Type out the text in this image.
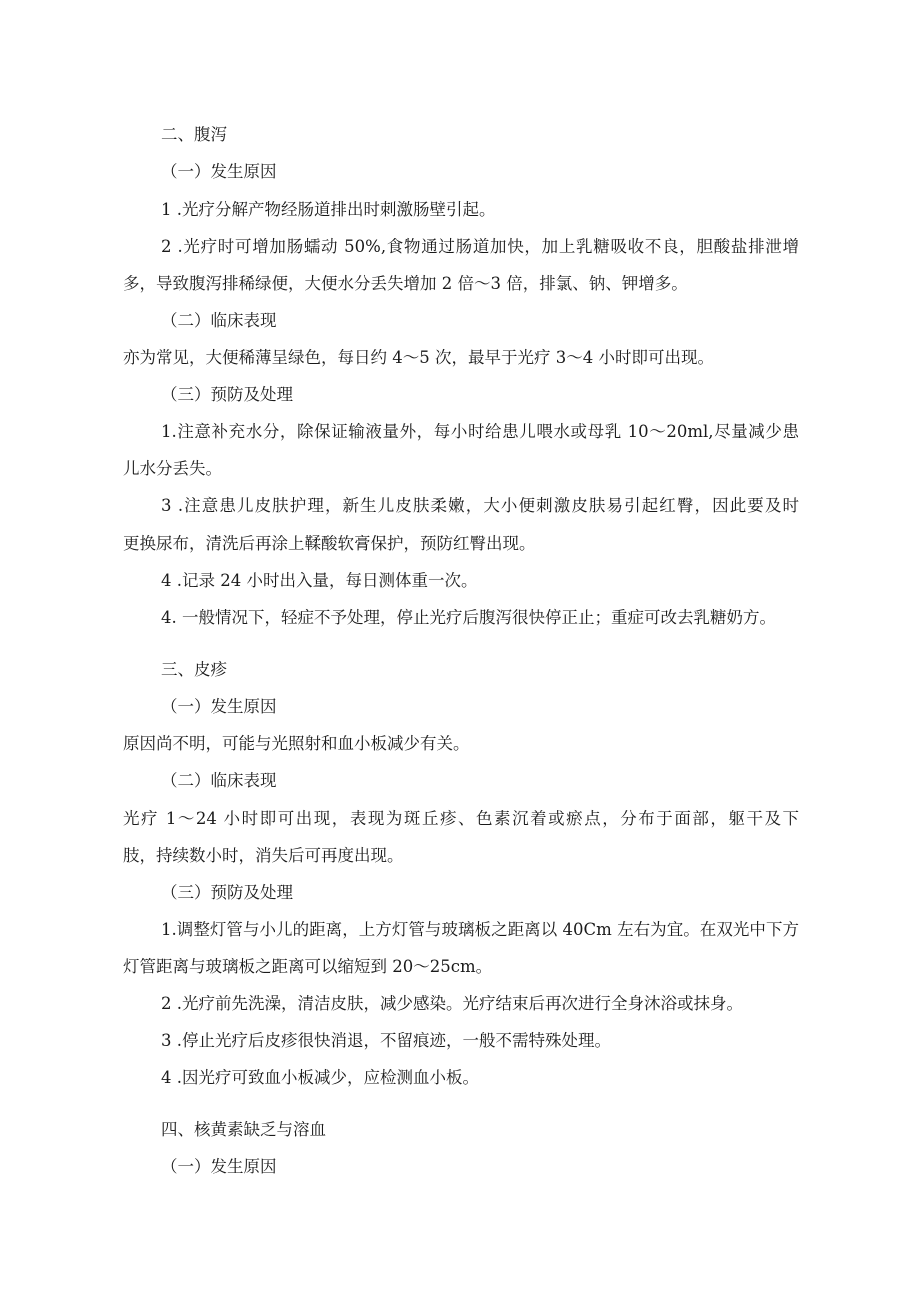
二、腹泻
（一）发生原因
1 .光疗分解产物经肠道排出时刺激肠壁引起。
2 .光疗时可增加肠蠕动 50%,食物通过肠道加快，加上乳糖吸收不良，胆酸盐排泄增
多，导致腹泻排稀绿便，大便水分丢失增加 2 倍～3 倍，排氯、钠、钾增多。
（二）临床表现
亦为常见，大便稀薄呈绿色，每日约 4～5 次，最早于光疗 3～4 小时即可出现。
（三）预防及处理
1.注意补充水分，除保证输液量外，每小时给患儿喂水或母乳 10～20ml,尽量减少患
儿水分丢失。
3 .注意患儿皮肤护理，新生儿皮肤柔嫩，大小便刺激皮肤易引起红臀，因此要及时
更换尿布，清洗后再涂上鞣酸软膏保护，预防红臀出现。
4 .记录 24 小时出入量，每日测体重一次。
4. 一般情况下，轻症不予处理，停止光疗后腹泻很快停正止；重症可改去乳糖奶方。
三、皮疹
（一）发生原因
原因尚不明，可能与光照射和血小板减少有关。
（二）临床表现
光疗 1～24 小时即可出现，表现为斑丘疹、色素沉着或瘀点，分布于面部，躯干及下
肢，持续数小时，消失后可再度出现。
（三）预防及处理
1.调整灯管与小儿的距离，上方灯管与玻璃板之距离以 40Cm 左右为宜。在双光中下方
灯管距离与玻璃板之距离可以缩短到 20～25cm。
2 .光疗前先洗澡，清洁皮肤，减少感染。光疗结束后再次进行全身沐浴或抹身。
3 .停止光疗后皮疹很快消退，不留痕迹，一般不需特殊处理。
4 .因光疗可致血小板减少，应检测血小板。
四、核黄素缺乏与溶血
（一）发生原因
